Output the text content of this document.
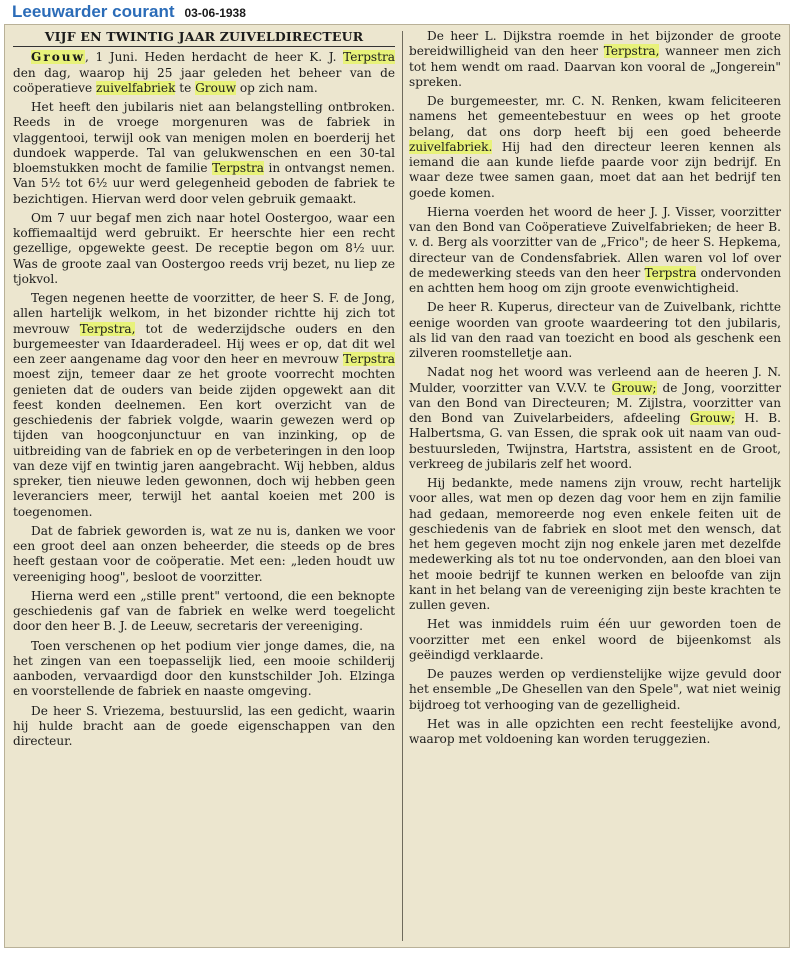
Leeuwarder courant 03-06-1938
VIJF EN TWINTIG JAAR ZUIVELDIRECTEUR

Grouw, 1 Juni. Heden herdacht de heer K. J. Terpstra den dag, waarop hij 25 jaar geleden het beheer van de coöperatieve zuivelfabriek te Grouw op zich nam.

Het heeft den jubilaris niet aan belangstelling ontbroken. Reeds in de vroege morgenuren was de fabriek in vlaggentooi, terwijl ook van menigen molen en boerderij het dundoek wapperde. Tal van gelukwenschen en een 30-tal bloemstukken mocht de familie Terpstra in ontvangst nemen. Van 5½ tot 6½ uur werd gelegenheid geboden de fabriek te bezichtigen. Hiervan werd door velen gebruik gemaakt.

Om 7 uur begaf men zich naar hotel Oostergoo, waar een koffiemaaltijd werd gebruikt. Er heerschte hier een recht gezellige, opgewekte geest. De receptie begon om 8½ uur. Was de groote zaal van Oostergoo reeds vrij bezet, nu liep ze tjokvol.

Tegen negenen heette de voorzitter, de heer S. F. de Jong, allen hartelijk welkom, in het bizonder richtte hij zich tot mevrouw Terpstra, tot de wederzijdsche ouders en den burgemeester van Idaarderadeel. Hij wees er op, dat dit wel een zeer aangename dag voor den heer en mevrouw Terpstra moest zijn, temeer daar ze het groote voorrecht mochten genieten dat de ouders van beide zijden opgewekt aan dit feest konden deelnemen. Een kort overzicht van de geschiedenis der fabriek volgde, waarin gewezen werd op tijden van hoogconjunctuur en van inzinking, op de uitbreiding van de fabriek en op de verbeteringen in den loop van deze vijf en twintig jaren aangebracht. Wij hebben, aldus spreker, tien nieuwe leden gewonnen, doch wij hebben geen leveranciers meer, terwijl het aantal koeien met 200 is toegenomen.

Dat de fabriek geworden is, wat ze nu is, danken we voor een groot deel aan onzen beheerder, die steeds op de bres heeft gestaan voor de coöperatie. Met een: „leden houdt uw vereeniging hoog", besloot de voorzitter.

Hierna werd een „stille prent" vertoond, die een beknopte geschiedenis gaf van de fabriek en welke werd toegelicht door den heer B. J. de Leeuw, secretaris der vereeniging.

Toen verschenen op het podium vier jonge dames, die, na het zingen van een toepasselijk lied, een mooie schilderij aanboden, vervaardigd door den kunstschilder Joh. Elzinga en voorstellende de fabriek en naaste omgeving.

De heer S. Vriezema, bestuurslid, las een gedicht, waarin hij hulde bracht aan de goede eigenschappen van den directeur.

De heer L. Dijkstra roemde in het bijzonder de groote bereidwilligheid van den heer Terpstra, wanneer men zich tot hem wendt om raad. Daarvan kon vooral de „Jongerein" spreken.

De burgemeester, mr. C. N. Renken, kwam feliciteeren namens het gemeentebestuur en wees op het groote belang, dat ons dorp heeft bij een goed beheerde zuivelfabriek. Hij had den directeur leeren kennen als iemand die aan kunde liefde paarde voor zijn bedrijf. En waar deze twee samen gaan, moet dat aan het bedrijf ten goede komen.

Hierna voerden het woord de heer J. J. Visser, voorzitter van den Bond van Coöperatieve Zuivelfabrieken; de heer B. v. d. Berg als voorzitter van de „Frico"; de heer S. Hepkema, directeur van de Condensfabriek. Allen waren vol lof over de medewerking steeds van den heer Terpstra ondervonden en achtten hem hoog om zijn groote evenwichtigheid.

De heer R. Kuperus, directeur van de Zuivelbank, richtte eenige woorden van groote waardeering tot den jubilaris, als lid van den raad van toezicht en bood als geschenk een zilveren roomstelletje aan.

Nadat nog het woord was verleend aan de heeren J. N. Mulder, voorzitter van V.V.V. te Grouw; de Jong, voorzitter van den Bond van Directeuren; M. Zijlstra, voorzitter van den Bond van Zuivelarbeiders, afdeeling Grouw; H. B. Halbertsma, G. van Essen, die sprak ook uit naam van oud-bestuursleden, Twijnstra, Hartstra, assistent en de Groot, verkreeg de jubilaris zelf het woord.

Hij bedankte, mede namens zijn vrouw, recht hartelijk voor alles, wat men op dezen dag voor hem en zijn familie had gedaan, memoreerde nog even enkele feiten uit de geschiedenis van de fabriek en sloot met den wensch, dat het hem gegeven mocht zijn nog enkele jaren met dezelfde medewerking als tot nu toe ondervonden, aan den bloei van het mooie bedrijf te kunnen werken en beloofde van zijn kant in het belang van de vereeniging zijn beste krachten te zullen geven.

Het was inmiddels ruim één uur geworden toen de voorzitter met een enkel woord de bijeenkomst als geëindigd verklaarde.

De pauzes werden op verdienstelijke wijze gevuld door het ensemble „De Ghesellen van den Spele", wat niet weinig bijdroeg tot verhooging van de gezelligheid.

Het was in alle opzichten een recht feestelijke avond, waarop met voldoening kan worden teruggezien.
